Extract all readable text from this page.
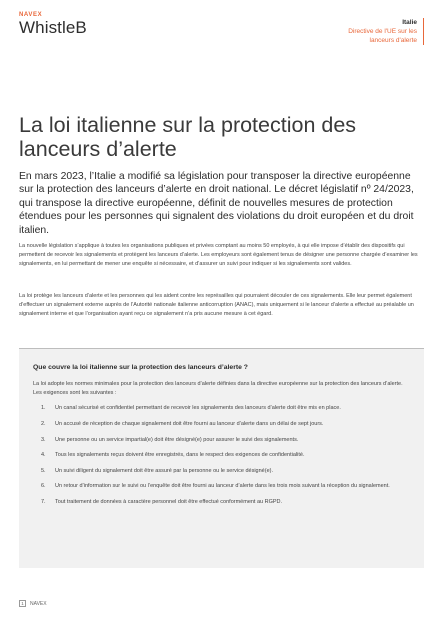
NAVEX
WhistleB	Italie
Directive de l'UE sur les lanceurs d'alerte
La loi italienne sur la protection des lanceurs d’alerte

En mars 2023, l’Italie a modifié sa législation pour transposer la directive européenne sur la protection des lanceurs d’alerte en droit national. Le décret législatif nº 24/2023, qui transpose la directive européenne, définit de nouvelles mesures de protection étendues pour les personnes qui signalent des violations du droit européen et du droit italien.

La nouvelle législation s’applique à toutes les organisations publiques et privées comptant au moins 50 employés, à qui elle impose d’établir des dispositifs qui permettent de recevoir les signalements et protègent les lanceurs d’alerte. Les employeurs sont également tenus de désigner une personne chargée d’examiner les signalements, en lui permettant de mener une enquête si nécessaire, et d’assurer un suivi pour indiquer si les signalements sont valides.

La loi protège les lanceurs d’alerte et les personnes qui les aident contre les représailles qui pourraient découler de ces signalements. Elle leur permet également d’effectuer un signalement externe auprès de l’Autorité nationale italienne anticorruption (ANAC), mais uniquement si le lanceur d’alerte a effectué au préalable un signalement interne et que l’organisation ayant reçu ce signalement n’a pris aucune mesure à cet égard.

Que couvre la loi italienne sur la protection des lanceurs d’alerte ?
La loi adopte les normes minimales pour la protection des lanceurs d’alerte définies dans la directive européenne sur la protection des lanceurs d’alerte. Les exigences sont les suivantes :
1. Un canal sécurisé et confidentiel permettant de recevoir les signalements des lanceurs d’alerte doit être mis en place.
2. Un accusé de réception de chaque signalement doit être fourni au lanceur d’alerte dans un délai de sept jours.
3. Une personne ou un service impartial(e) doit être désigné(e) pour assurer le suivi des signalements.
4. Tous les signalements reçus doivent être enregistrés, dans le respect des exigences de confidentialité.
5. Un suivi diligent du signalement doit être assuré par la personne ou le service désigné(e).
6. Un retour d’information sur le suivi ou l’enquête doit être fourni au lanceur d’alerte dans les trois mois suivant la réception du signalement.
7. Tout traitement de données à caractère personnel doit être effectué conformément au RGPD.
1	NAVEX
